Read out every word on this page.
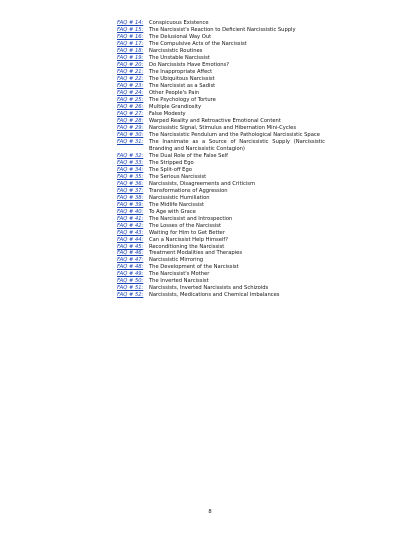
FAQ # 14:	Conspicuous Existence
FAQ # 15:	The Narcissist's Reaction to Deficient Narcissistic Supply
FAQ # 16:	The Delusional Way Out
FAQ # 17:	The Compulsive Acts of the Narcissist
FAQ # 18:	Narcissistic Routines
FAQ # 19:	The Unstable Narcissist
FAQ # 20:	Do Narcissists Have Emotions?
FAQ # 21:	The Inappropriate Affect
FAQ # 22:	The Ubiquitous Narcissist
FAQ # 23:	The Narcissist as a Sadist
FAQ # 24:	Other People's Pain
FAQ # 25:	The Psychology of Torture
FAQ # 26:	Multiple Grandiosity
FAQ # 27:	False Modesty
FAQ # 28:	Warped Reality and Retroactive Emotional Content
FAQ # 29:	Narcissistic Signal, Stimulus and Hibernation Mini-Cycles
FAQ # 30:	The Narcissistic Pendulum and the Pathological Narcissistic Space
FAQ # 31:	The Inanimate as a Source of Narcissistic Supply (Narcissistic Branding and Narcissistic Contagion)
FAQ # 32:	The Dual Role of the False Self
FAQ # 33:	The Stripped Ego
FAQ # 34:	The Split-off Ego
FAQ # 35:	The Serious Narcissist
FAQ # 36:	Narcissists, Disagreements and Criticism
FAQ # 37:	Transformations of Aggression
FAQ # 38:	Narcissistic Humiliation
FAQ # 39:	The Midlife Narcissist
FAQ # 40:	To Age with Grace
FAQ # 41:	The Narcissist and Introspection
FAQ # 42:	The Losses of the Narcissist
FAQ # 43:	Waiting for Him to Get Better
FAQ # 44:	Can a Narcissist Help Himself?
FAQ # 45:	Reconditioning the Narcissist
FAQ # 46:	Treatment Modalities and Therapies
FAQ # 47:	Narcissistic Mirroring
FAQ # 48:	The Development of the Narcissist
FAQ # 49:	The Narcissist's Mother
FAQ # 50:	The Inverted Narcissist
FAQ # 51:	Narcissists, Inverted Narcissists and Schizoids
FAQ # 52:	Narcissists, Medications and Chemical Imbalances
8
